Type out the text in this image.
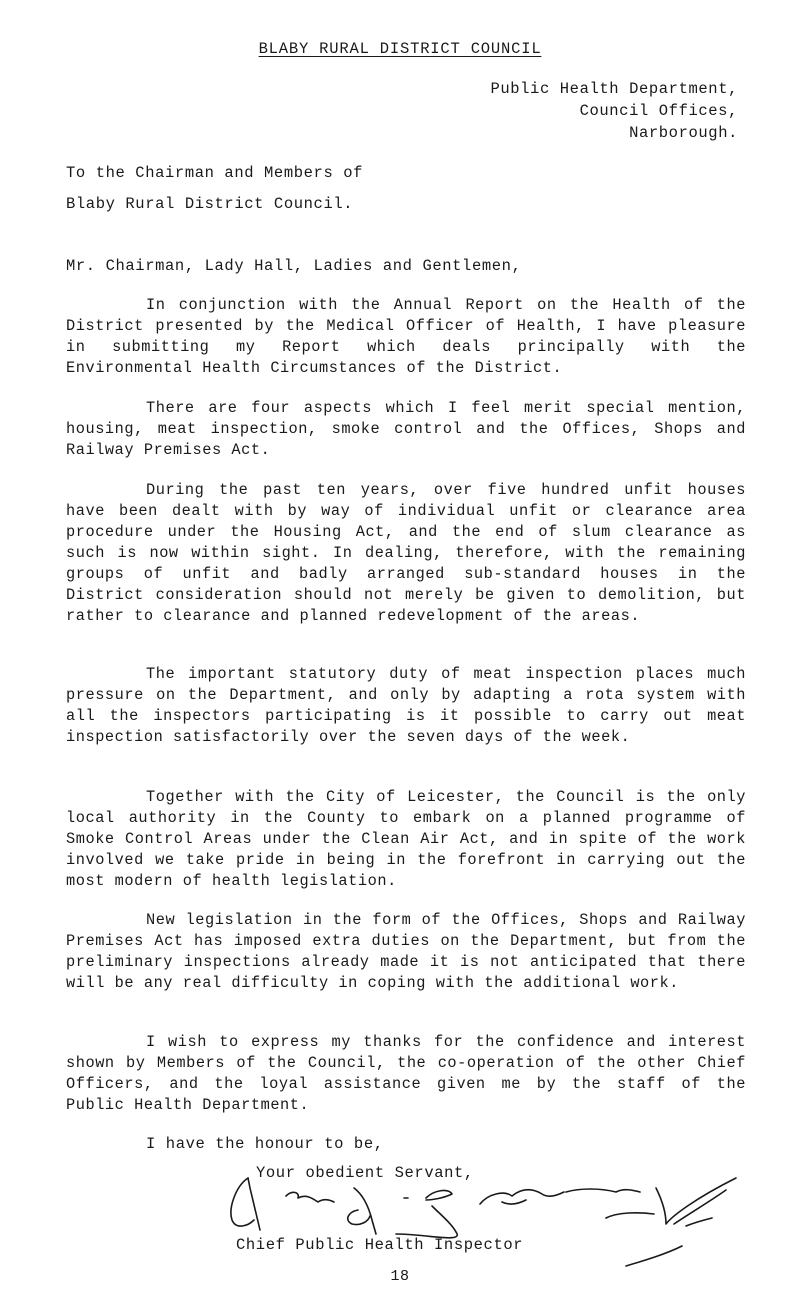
BLABY RURAL DISTRICT COUNCIL
Public Health Department,
Council Offices,
Narborough.
To the Chairman and Members of
Blaby Rural District Council.
Mr. Chairman, Lady Hall, Ladies and Gentlemen,
In conjunction with the Annual Report on the Health of the District presented by the Medical Officer of Health, I have pleasure in submitting my Report which deals principally with the Environmental Health Circumstances of the District.
There are four aspects which I feel merit special mention, housing, meat inspection, smoke control and the Offices, Shops and Railway Premises Act.
During the past ten years, over five hundred unfit houses have been dealt with by way of individual unfit or clearance area procedure under the Housing Act, and the end of slum clearance as such is now within sight. In dealing, therefore, with the remaining groups of unfit and badly arranged sub-standard houses in the District consideration should not merely be given to demolition, but rather to clearance and planned redevelopment of the areas.
The important statutory duty of meat inspection places much pressure on the Department, and only by adapting a rota system with all the inspectors participating is it possible to carry out meat inspection satisfactorily over the seven days of the week.
Together with the City of Leicester, the Council is the only local authority in the County to embark on a planned programme of Smoke Control Areas under the Clean Air Act, and in spite of the work involved we take pride in being in the forefront in carrying out the most modern of health legislation.
New legislation in the form of the Offices, Shops and Railway Premises Act has imposed extra duties on the Department, but from the preliminary inspections already made it is not anticipated that there will be any real difficulty in coping with the additional work.
I wish to express my thanks for the confidence and interest shown by Members of the Council, the co-operation of the other Chief Officers, and the loyal assistance given me by the staff of the Public Health Department.
I have the honour to be,
Your obedient Servant,
Chief Public Health Inspector
18
